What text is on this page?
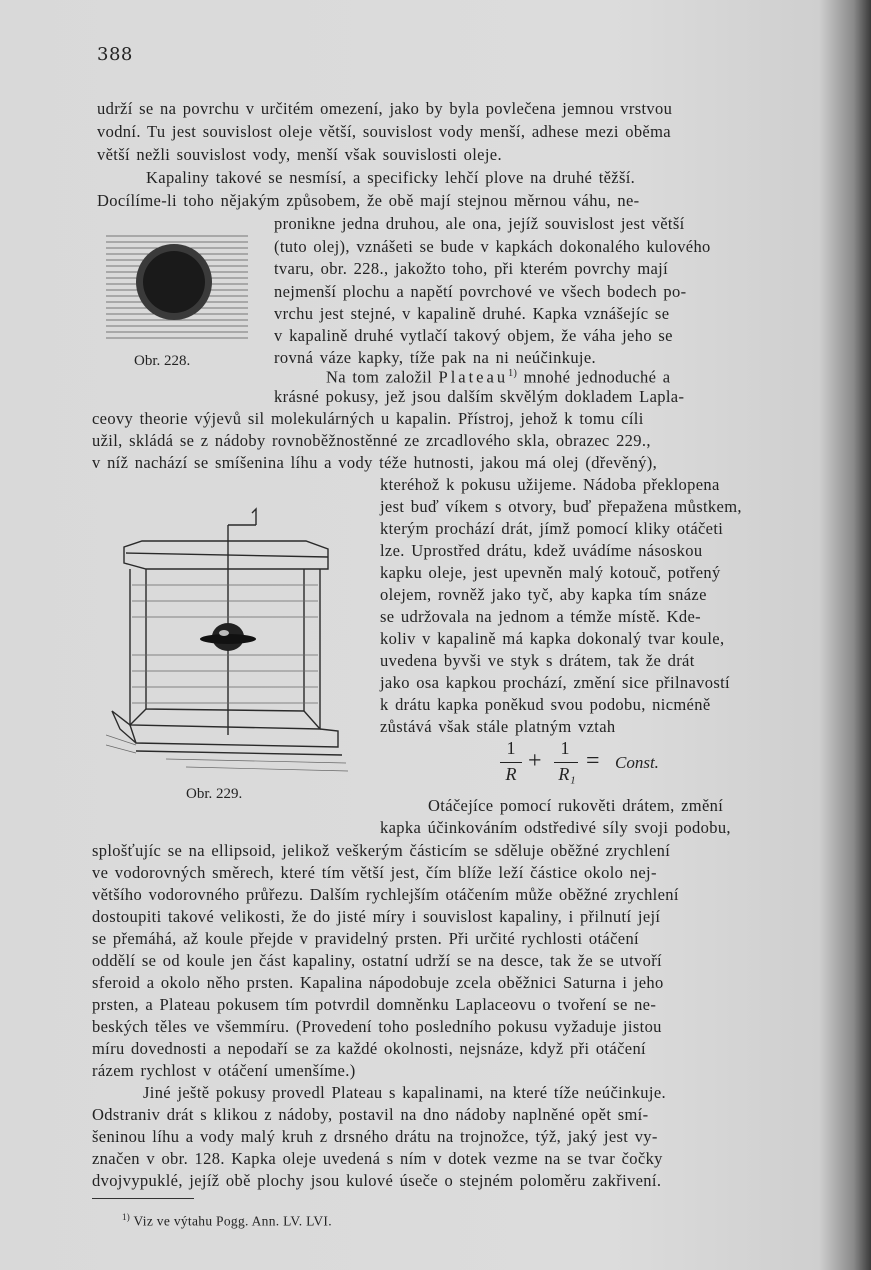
388
udrží se na povrchu v určitém omezení, jako by byla povlečena jemnou vrstvou
vodní. Tu jest souvislost oleje větší, souvislost vody menší, adhese mezi oběma
větší nežli souvislost vody, menší však souvislosti oleje.
Kapaliny takové se nesmísí, a specificky lehčí plove na druhé těžší.
Docílíme-li toho nějakým způsobem, že obě mají stejnou měrnou váhu, ne-
pronikne jedna druhou, ale ona, jejíž souvislost jest větší
(tuto olej), vznášeti se bude v kapkách dokonalého kulového
tvaru, obr. 228., jakožto toho, při kterém povrchy mají
nejmenší plochu a napětí povrchové ve všech bodech po-
vrchu jest stejné, v kapalině druhé. Kapka vznášejíc se
v kapalině druhé vytlačí takový objem, že váha jeho se
rovná váze kapky, tíže pak na ni neúčinkuje.
Na tom založil Plateau$^{1)}$ mnohé jednoduché a
krásné pokusy, jež jsou dalším skvělým dokladem Lapla-
ceovy theorie výjevů sil molekulárných u kapalin. Přístroj, jehož k tomu cíli
užil, skládá se z nádoby rovnoběžnostěnné ze zrcadlového skla, obrazec 229.,
v níž nachází se smíšenina líhu a vody téže hutnosti, jakou má olej (dřevěný),
kteréhož k pokusu užijeme. Nádoba překlopena
jest buď víkem s otvory, buď přepažena můstkem,
kterým prochází drát, jímž pomocí kliky otáčeti
lze. Uprostřed drátu, kdež uvádíme násoskou
kapku oleje, jest upevněn malý kotouč, potřený
olejem, rovněž jako tyč, aby kapka tím snáze
se udržovala na jednom a témže místě. Kde-
koliv v kapalině má kapka dokonalý tvar koule,
uvedena byvši ve styk s drátem, tak že drát
jako osa kapkou prochází, změní sice přilnavostí
k drátu kapka poněkud svou podobu, nicméně
zůstává však stále platným vztah
1
R + 1
R₁ = Const.
Otáčejíce pomocí rukověti drátem, změní
kapka účinkováním odstředivé síly svoji podobu,
splošťujíc se na ellipsoid, jelikož veškerým částicím se sděluje oběžné zrychlení
ve vodorovných směrech, které tím větší jest, čím blíže leží částice okolo nej-
většího vodorovného průřezu. Dalším rychlejším otáčením může oběžné zrychlení
dostoupiti takové velikosti, že do jisté míry i souvislost kapaliny, i přilnutí její
se přemáhá, až koule přejde v pravidelný prsten. Při určité rychlosti otáčení
oddělí se od koule jen část kapaliny, ostatní udrží se na desce, tak že se utvoří
sferoid a okolo něho prsten. Kapalina nápodobuje zcela oběžnici Saturna i jeho
prsten, a Plateau pokusem tím potvrdil domněnku Laplaceovu o tvoření se ne-
beských těles ve všemmíru. (Provedení toho posledního pokusu vyžaduje jistou
míru dovednosti a nepodaří se za každé okolnosti, nejsnáze, když při otáčení
rázem rychlost v otáčení umenšíme.)
Jiné ještě pokusy provedl Plateau s kapalinami, na které tíže neúčinkuje.
Odstraniv drát s klikou z nádoby, postavil na dno nádoby naplněné opět smí-
šeninou líhu a vody malý kruh z drsného drátu na trojnožce, týž, jaký jest vy-
značen v obr. 128. Kapka oleje uvedená s ním v dotek vezme na se tvar čočky
dvojvypuklé, jejíž obě plochy jsou kulové úseče o stejném poloměru zakřivení.
Obr. 228.
Obr. 229.
$^{1)}$ Viz ve výtahu Pogg. Ann. LV. LVI.
